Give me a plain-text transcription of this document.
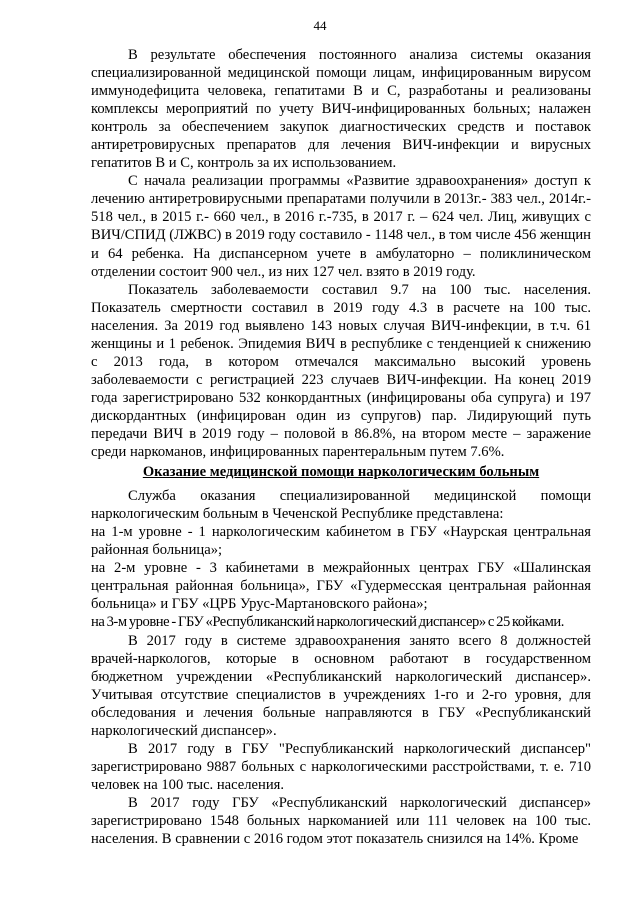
44

В результате обеспечения постоянного анализа системы оказания специализированной медицинской помощи лицам, инфицированным вирусом иммунодефицита человека, гепатитами В и С, разработаны и реализованы комплексы мероприятий по учету ВИЧ-инфицированных больных; налажен контроль за обеспечением закупок диагностических средств и поставок антиретровирусных препаратов для лечения ВИЧ-инфекции и вирусных гепатитов В и С, контроль за их использованием.

С начала реализации программы «Развитие здравоохранения» доступ к лечению антиретровирусными препаратами получили в 2013г.- 383 чел., 2014г.- 518 чел., в 2015 г.- 660 чел., в 2016 г.-735, в 2017 г. – 624 чел. Лиц, живущих с ВИЧ/СПИД (ЛЖВС) в 2019 году составило - 1148 чел., в том числе 456 женщин и 64 ребенка. На диспансерном учете в амбулаторно – поликлиническом отделении состоит 900 чел., из них 127 чел. взято в 2019 году.

Показатель заболеваемости составил 9.7 на 100 тыс. населения. Показатель смертности составил в 2019 году 4.3 в расчете на 100 тыс. населения. За 2019 год выявлено 143 новых случая ВИЧ-инфекции, в т.ч. 61 женщины и 1 ребенок. Эпидемия ВИЧ в республике с тенденцией к снижению с 2013 года, в котором отмечался максимально высокий уровень заболеваемости с регистрацией 223 случаев ВИЧ-инфекции. На конец 2019 года зарегистрировано 532 конкордантных (инфицированы оба супруга) и 197 дискордантных (инфицирован один из супругов) пар. Лидирующий путь передачи ВИЧ в 2019 году – половой в 86.8%, на втором месте – заражение среди наркоманов, инфицированных парентеральным путем 7.6%.

Оказание медицинской помощи наркологическим больным

Служба оказания специализированной медицинской помощи наркологическим больным в Чеченской Республике представлена:

на 1-м уровне - 1 наркологическим кабинетом в ГБУ «Наурская центральная районная больница»;

на 2-м уровне - 3 кабинетами в межрайонных центрах ГБУ «Шалинская центральная районная больница», ГБУ «Гудермесская центральная районная больница» и ГБУ «ЦРБ Урус-Мартановского района»;

на 3-м уровне - ГБУ «Республиканский наркологический диспансер» с 25 койками.

В 2017 году в системе здравоохранения занято всего 8 должностей врачей-наркологов, которые в основном работают в государственном бюджетном учреждении «Республиканский наркологический диспансер». Учитывая отсутствие специалистов в учреждениях 1-го и 2-го уровня, для обследования и лечения больные направляются в ГБУ «Республиканский наркологический диспансер».

В 2017 году в ГБУ "Республиканский наркологический диспансер" зарегистрировано 9887 больных с наркологическими расстройствами, т. е. 710 человек на 100 тыс. населения.

В 2017 году ГБУ «Республиканский наркологический диспансер» зарегистрировано 1548 больных наркоманией или 111 человек на 100 тыс. населения. В сравнении с 2016 годом этот показатель снизился на 14%. Кроме
